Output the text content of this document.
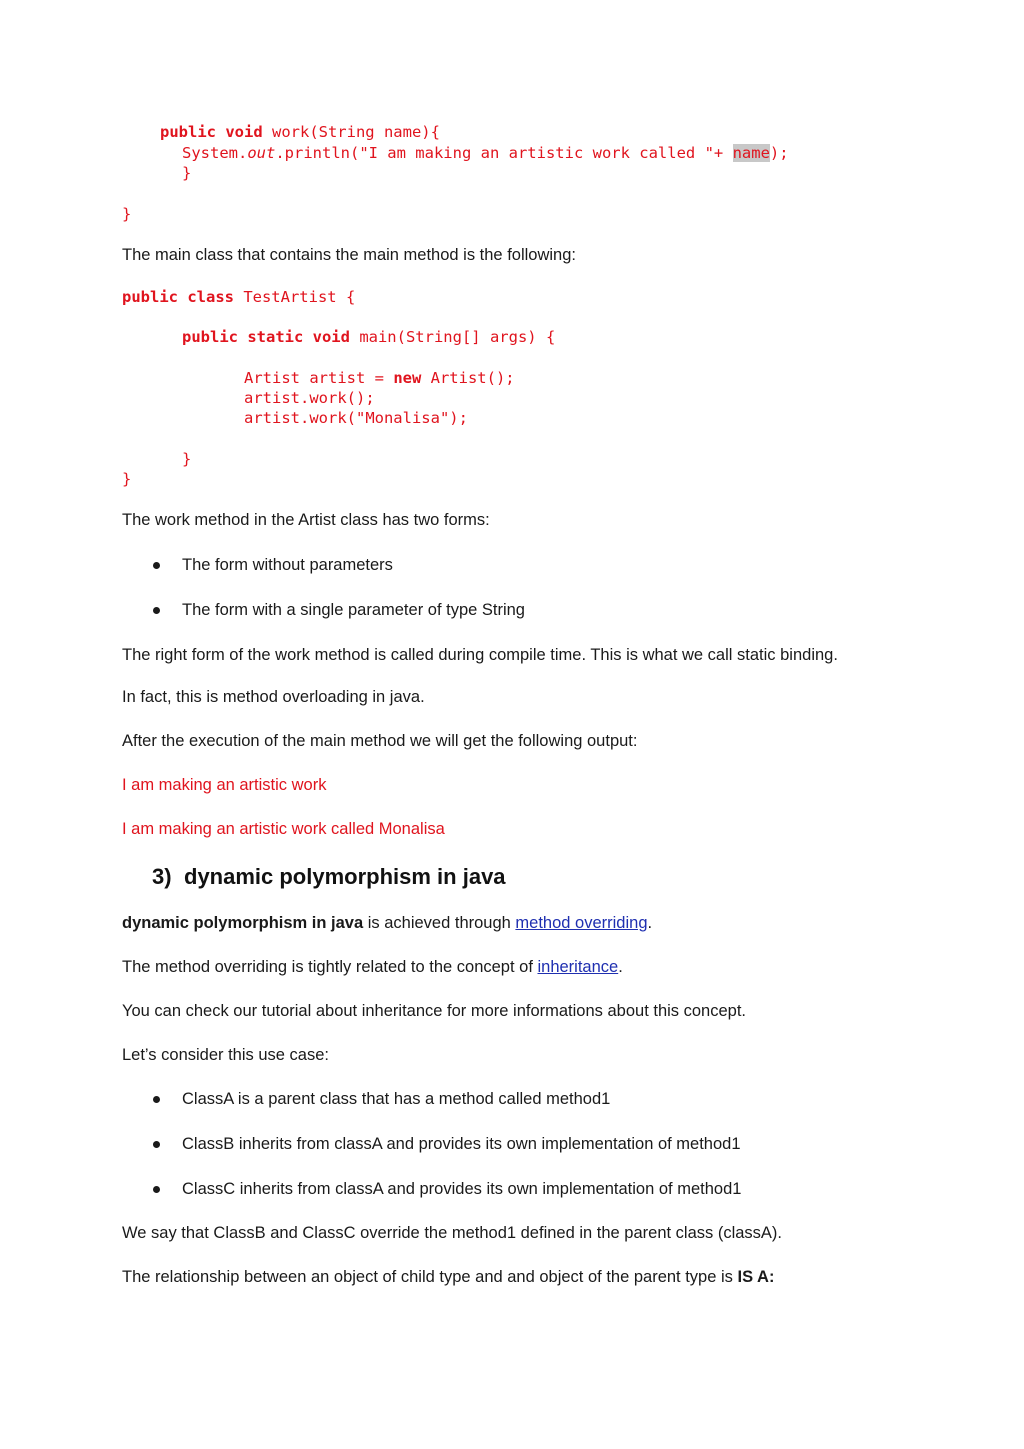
public void work(String name){
System.out.println("I am making an artistic work called "+ name);
}
}
The main class that contains the main method is the following:
public class TestArtist {
public static void main(String[] args) {
Artist artist = new Artist();
artist.work();
artist.work("Monalisa");
}
}
The work method in the Artist class has two forms:
The form without parameters
The form with a single parameter of type String
The right form of the work method is called during compile time. This is what we call static binding.
In fact, this is method overloading in java.
After the execution of the main method we will get the following output:
I am making an artistic work
I am making an artistic work called Monalisa
3) dynamic polymorphism in java
dynamic polymorphism in java is achieved through method overriding.
The method overriding is tightly related to the concept of inheritance.
You can check our tutorial about inheritance for more informations about this concept.
Let’s consider this use case:
ClassA is a parent class that has a method called method1
ClassB inherits from classA and provides its own implementation of method1
ClassC inherits from classA and provides its own implementation of method1
We say that ClassB and ClassC override the method1 defined in the parent class (classA).
The relationship between an object of child type and and object of the parent type is IS A:
